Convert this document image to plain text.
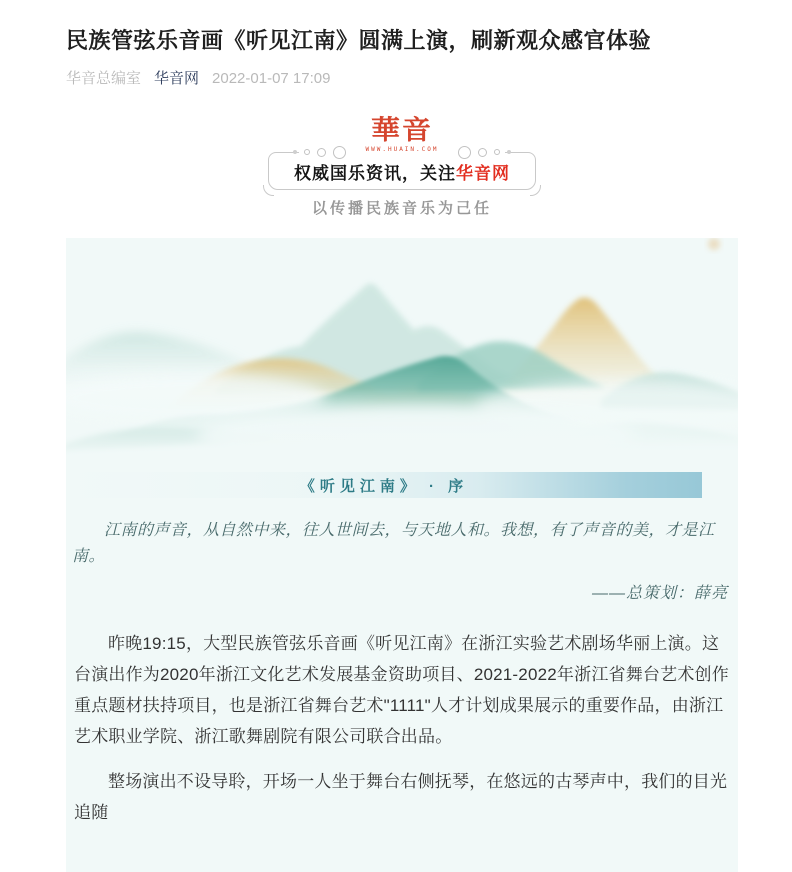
民族管弦乐音画《听见江南》圆满上演，刷新观众感官体验
华音总编室 华音网 2022-01-07 17:09
華音
WWW.HUAIN.COM
权威国乐资讯，关注华音网
以传播民族音乐为己任
《听见江南》 · 序
江南的声音，从自然中来，往人世间去，与天地人和。我想，有了声音的美，才是江南。
——总策划：薛亮

昨晚19:15，大型民族管弦乐音画《听见江南》在浙江实验艺术剧场华丽上演。这台演出作为2020年浙江文化艺术发展基金资助项目、2021-2022年浙江省舞台艺术创作重点题材扶持项目，也是浙江省舞台艺术"1111"人才计划成果展示的重要作品，由浙江艺术职业学院、浙江歌舞剧院有限公司联合出品。

整场演出不设导聆，开场一人坐于舞台右侧抚琴，在悠远的古琴声中，我们的目光追随
